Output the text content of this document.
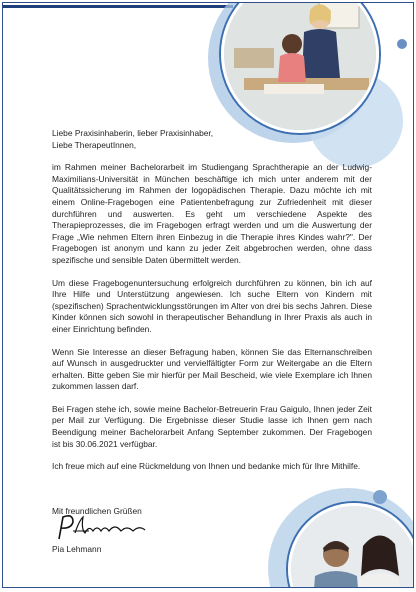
Liebe Praxisinhaberin, lieber Praxisinhaber,

Liebe TherapeutInnen,

im Rahmen meiner Bachelorarbeit im Studiengang Sprachtherapie an der Ludwig-Maximilians-Universität in München beschäftige ich mich unter anderem mit der Qualitätssicherung im Rahmen der logopädischen Therapie. Dazu möchte ich mit einem Online-Fragebogen eine Patientenbefragung zur Zufriedenheit mit dieser durchführen und auswerten. Es geht um verschiedene Aspekte des Therapieprozesses, die im Fragebogen erfragt werden und um die Auswertung der Frage „Wie nehmen Eltern ihren Einbezug in die Therapie ihres Kindes wahr?". Der Fragebogen ist anonym und kann zu jeder Zeit abgebrochen werden, ohne dass spezifische und sensible Daten übermittelt werden.

Um diese Fragebogenuntersuchung erfolgreich durchführen zu können, bin ich auf Ihre Hilfe und Unterstützung angewiesen. Ich suche Eltern von Kindern mit (spezifischen) Sprachentwicklungsstörungen im Alter von drei bis sechs Jahren. Diese Kinder können sich sowohl in therapeutischer Behandlung in Ihrer Praxis als auch in einer Einrichtung befinden.

Wenn Sie Interesse an dieser Befragung haben, können Sie das Elternanschreiben auf Wunsch in ausgedruckter und vervielfältigter Form zur Weitergabe an die Eltern erhalten. Bitte geben Sie mir hierfür per Mail Bescheid, wie viele Exemplare ich Ihnen zukommen lassen darf.

Bei Fragen stehe ich, sowie meine Bachelor-Betreuerin Frau Gaigulo, Ihnen jeder Zeit per Mail zur Verfügung. Die Ergebnisse dieser Studie lasse ich Ihnen gern nach Beendigung meiner Bachelorarbeit Anfang September zukommen. Der Fragebogen ist bis 30.06.2021 verfügbar.

Ich freue mich auf eine Rückmeldung von Ihnen und bedanke mich für Ihre Mithilfe.

Mit freundlichen Grüßen
Pia Lehmann
